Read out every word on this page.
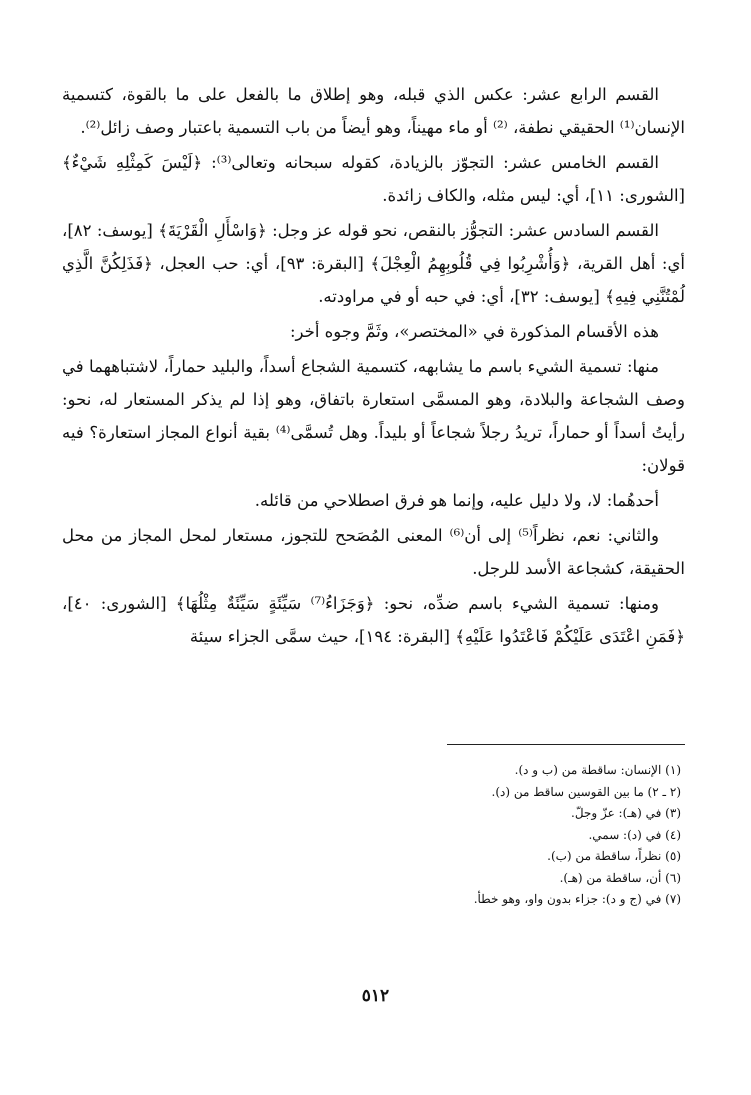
القسم الرابع عشر: عكس الذي قبله، وهو إطلاق ما بالفعل على ما بالقوة، كتسمية الإنسان⁽¹⁾ الحقيقي نطفة، ⁽²⁾ أو ماء مهيناً، وهو أيضاً من باب التسمية باعتبار وصف زائل⁽²⁾.

القسم الخامس عشر: التجوّز بالزيادة، كقوله سبحانه وتعالى⁽³⁾: ﴿لَيْسَ كَمِثْلِهِ شَيْءٌ﴾ [الشورى: ١١]، أي: ليس مثله، والكاف زائدة.

القسم السادس عشر: التجوُّز بالنقص، نحو قوله عز وجل: ﴿وَاسْأَلِ الْقَرْيَةَ﴾ [يوسف: ٨٢]، أي: أهل القرية، ﴿وَأُشْرِبُوا فِي قُلُوبِهِمُ الْعِجْلَ﴾ [البقرة: ٩٣]، أي: حب العجل، ﴿فَذَلِكُنَّ الَّذِي لُمْتُنَّنِي فِيهِ﴾ [يوسف: ٣٢]، أي: في حبه أو في مراودته.

هذه الأقسام المذكورة في «المختصر»، وثَمَّ وجوه أخر:

منها: تسمية الشيء باسم ما يشابهه، كتسمية الشجاع أسداً، والبليد حماراً، لاشتباههما في وصف الشجاعة والبلادة، وهو المسمَّى استعارة باتفاق، وهو إذا لم يذكر المستعار له، نحو: رأيتُ أسداً أو حماراً، تريدُ رجلاً شجاعاً أو بليداً. وهل تُسمَّى⁽⁴⁾ بقية أنواع المجاز استعارة؟ فيه قولان:

أحدهُما: لا، ولا دليل عليه، وإنما هو فرق اصطلاحي من قائله.

والثاني: نعم، نظراً⁽⁵⁾ إلى أن⁽⁶⁾ المعنى المُصَحح للتجوز، مستعار لمحل المجاز من محل الحقيقة، كشجاعة الأسد للرجل.

ومنها: تسمية الشيء باسم ضدِّه، نحو: ﴿وَجَزَاءُ⁽⁷⁾ سَيِّئَةٍ سَيِّئَةٌ مِثْلُهَا﴾ [الشورى: ٤٠]، ﴿فَمَنِ اعْتَدَى عَلَيْكُمْ فَاعْتَدُوا عَلَيْهِ﴾ [البقرة: ١٩٤]، حيث سمَّى الجزاء سيئة

(١) الإنسان: ساقطة من (ب و د).
(٢ ـ ٢) ما بين القوسين ساقط من (د).
(٣) في (هـ): عزّ وجلّ.
(٤) في (د): سمي.
(٥) نظراً، ساقطة من (ب).
(٦) أن، ساقطة من (هـ).
(٧) في (ج و د): جزاء بدون واو، وهو خطأ.
٥١٢
